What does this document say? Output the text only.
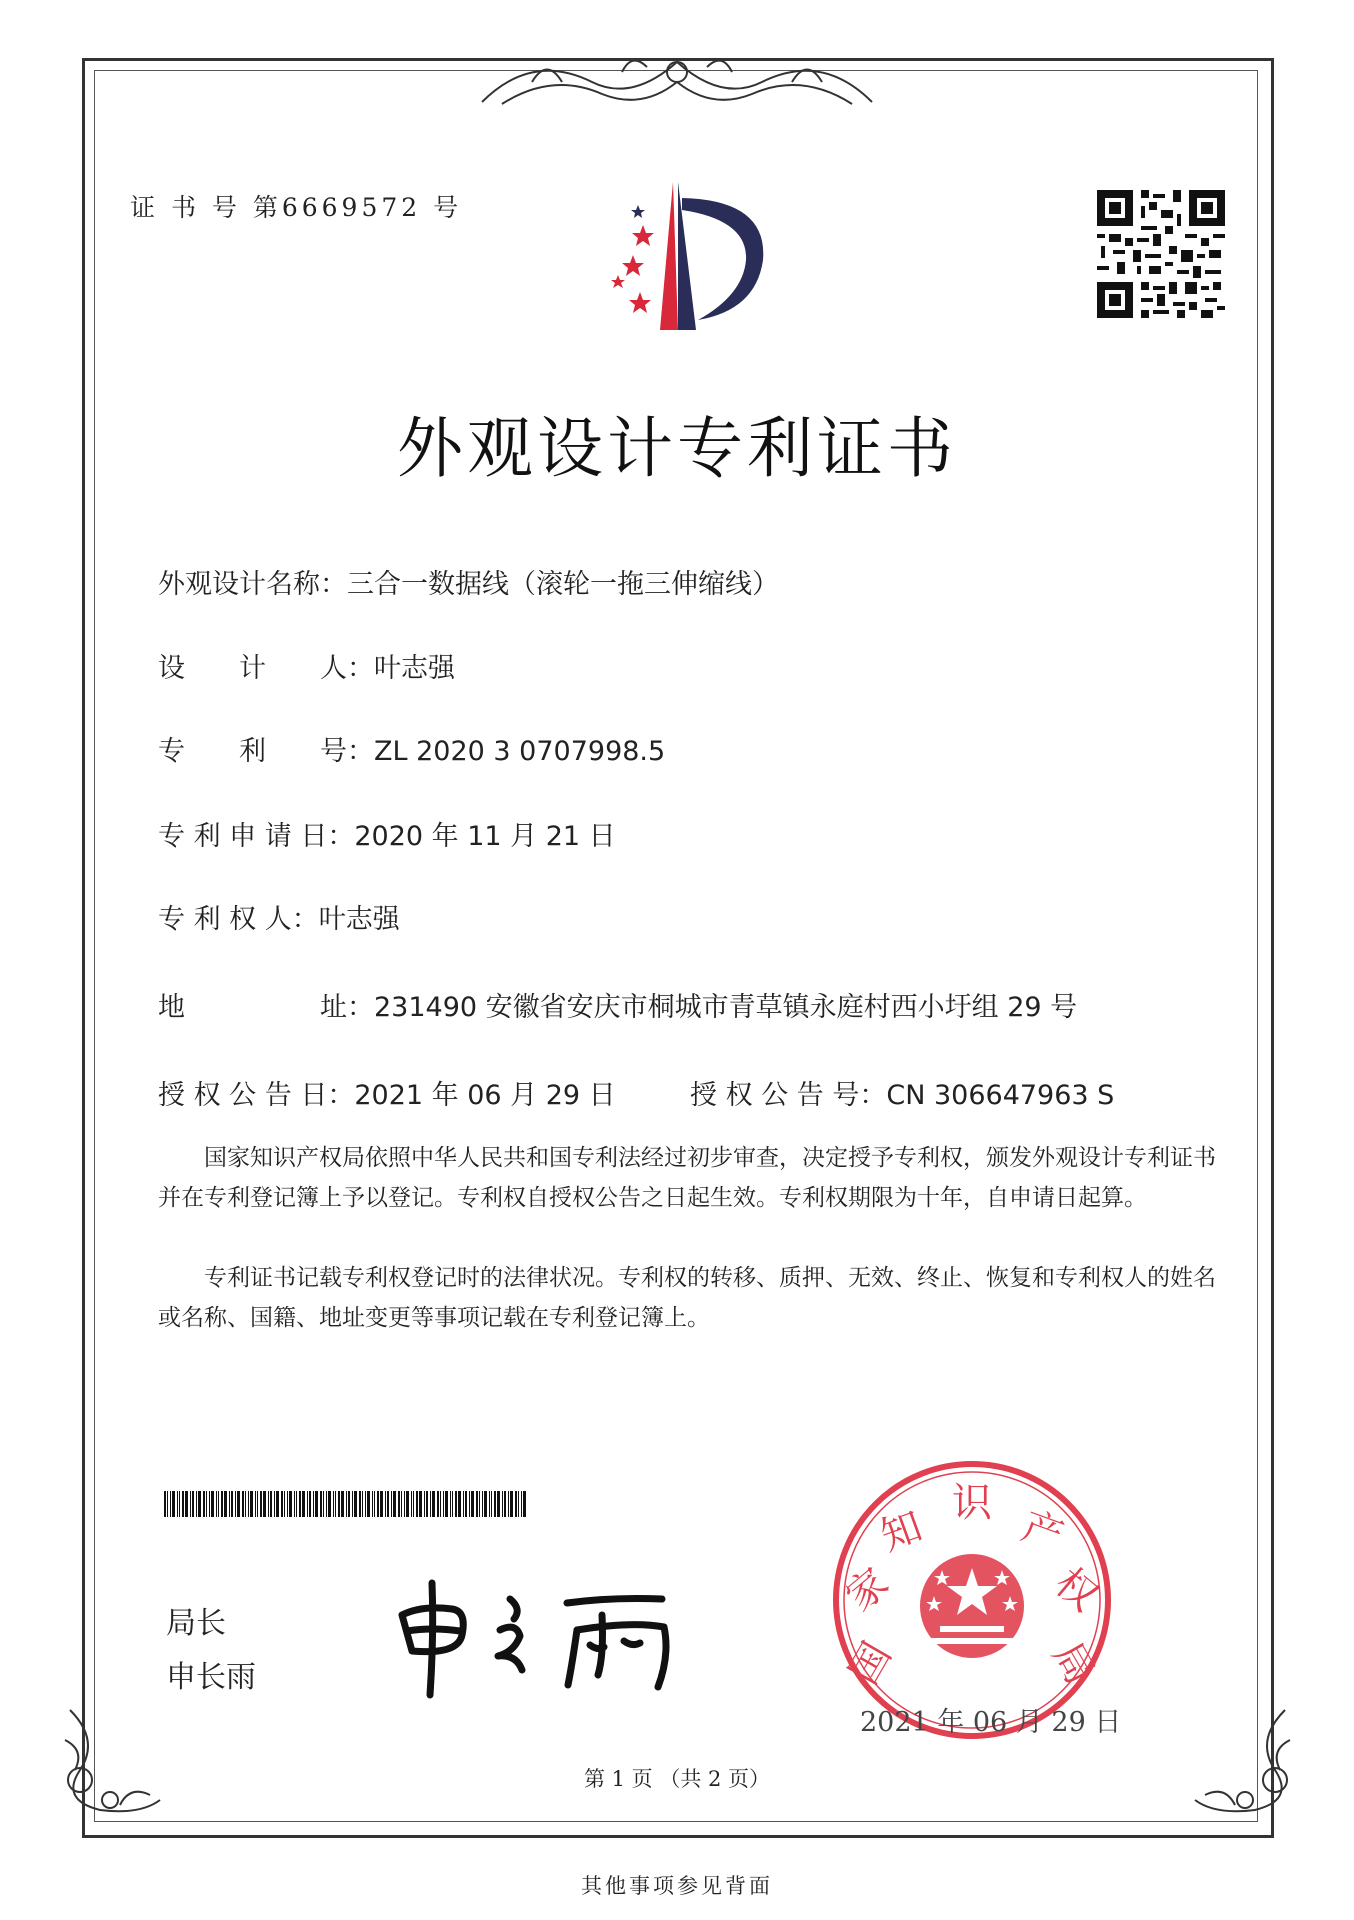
证 书 号 第6669572 号
外观设计专利证书
外观设计名称：三合一数据线（滚轮一拖三伸缩线）
设　　计　　人：叶志强
专　　利　　号：ZL 2020 3 0707998.5
专 利 申 请 日：2020 年 11 月 21 日
专 利 权 人：叶志强
地　　　　　址：231490 安徽省安庆市桐城市青草镇永庭村西小圩组 29 号
授 权 公 告 日：2021 年 06 月 29 日	授 权 公 告 号：CN 306647963 S
国家知识产权局依照中华人民共和国专利法经过初步审查，决定授予专利权，颁发外观设计专利证书并在专利登记簿上予以登记。专利权自授权公告之日起生效。专利权期限为十年，自申请日起算。
专利证书记载专利权登记时的法律状况。专利权的转移、质押、无效、终止、恢复和专利权人的姓名或名称、国籍、地址变更等事项记载在专利登记簿上。
局长
申长雨	国
家
知
识
产
权
局
2021 年 06 月 29 日
第 1 页 （共 2 页）
其他事项参见背面
